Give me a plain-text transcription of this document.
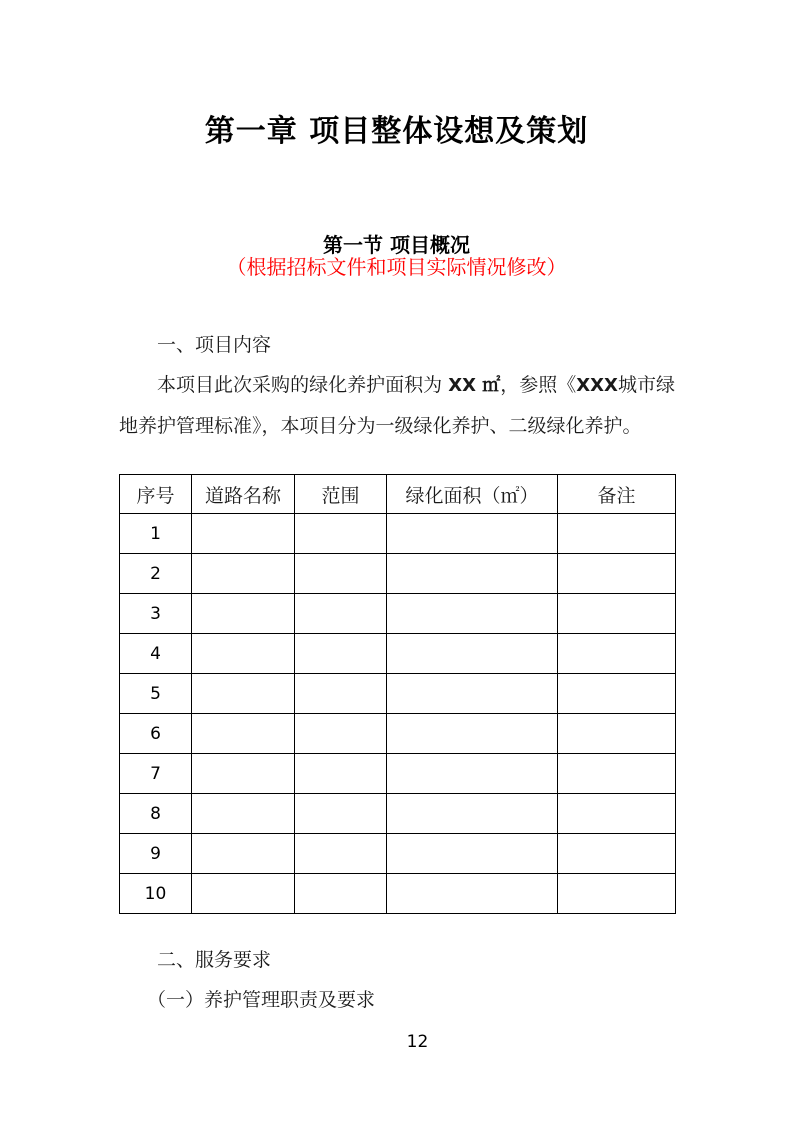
第一章 项目整体设想及策划
第一节 项目概况
（根据招标文件和项目实际情况修改）
一、项目内容
本项目此次采购的绿化养护面积为 XX ㎡，参照《XXX城市绿地养护管理标准》，本项目分为一级绿化养护、二级绿化养护。
序号	道路名称	范围	绿化面积（㎡）	备注
1				
2				
3				
4				
5				
6				
7				
8				
9				
10				
二、服务要求
（一）养护管理职责及要求
12
